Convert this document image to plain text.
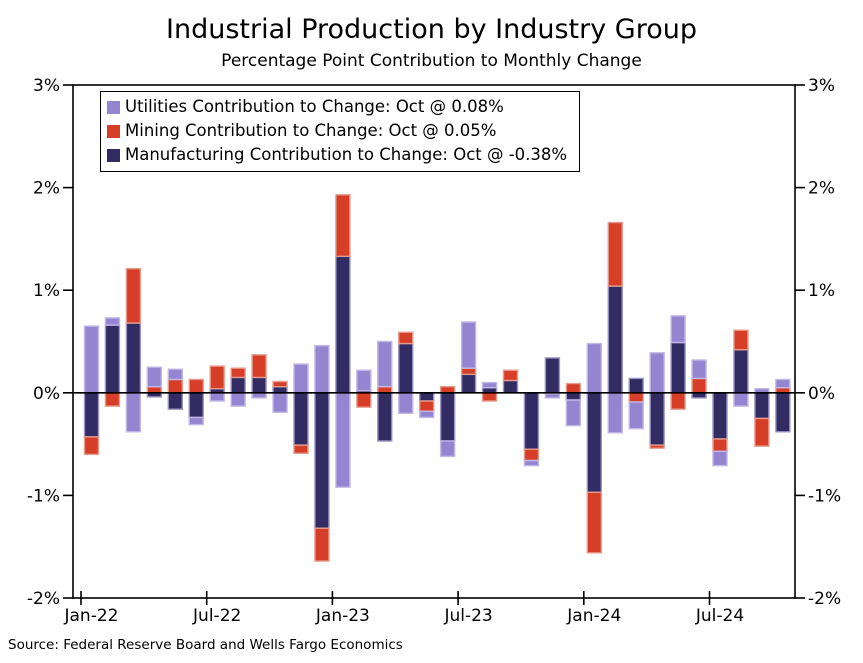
Industrial Production by Industry Group
Percentage Point Contribution to Monthly Change
3%	3%
2%	2%
1%	1%
0%	0%
-1%	-1%
-2%	-2%
Jan-22	Jul-22	Jan-23	Jul-23	Jan-24	Jul-24
Utilities Contribution to Change: Oct @ 0.08%
Mining Contribution to Change: Oct @ 0.05%
Manufacturing Contribution to Change: Oct @ -0.38%
Source: Federal Reserve Board and Wells Fargo Economics
